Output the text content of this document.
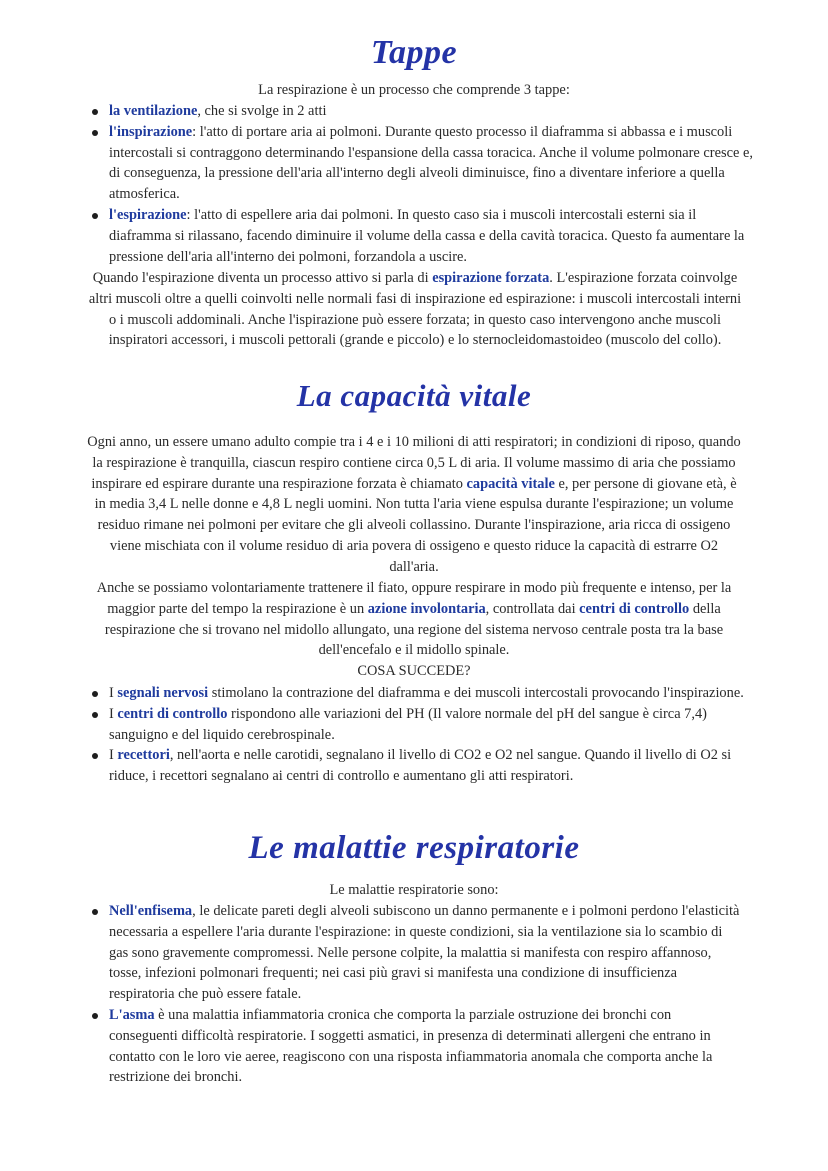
Tappe

La respirazione è un processo che comprende 3 tappe:

la ventilazione, che si svolge in 2 atti
l'inspirazione: l'atto di portare aria ai polmoni. Durante questo processo il diaframma si abbassa e i muscoli intercostali si contraggono determinando l'espansione della cassa toracica. Anche il volume polmonare cresce e, di conseguenza, la pressione dell'aria all'interno degli alveoli diminuisce, fino a diventare inferiore a quella atmosferica.
l'espirazione: l'atto di espellere aria dai polmoni. In questo caso sia i muscoli intercostali esterni sia il diaframma si rilassano, facendo diminuire il volume della cassa e della cavità toracica. Questo fa aumentare la pressione dell'aria all'interno dei polmoni, forzandola a uscire.

Quando l'espirazione diventa un processo attivo si parla di espirazione forzata. L'espirazione forzata coinvolge altri muscoli oltre a quelli coinvolti nelle normali fasi di inspirazione ed espirazione: i muscoli intercostali interni o i muscoli addominali. Anche l'ispirazione può essere forzata; in questo caso intervengono anche muscoli inspiratori accessori, i muscoli pettorali (grande e piccolo) e lo sternocleidomastoideo (muscolo del collo).

La capacità vitale

Ogni anno, un essere umano adulto compie tra i 4 e i 10 milioni di atti respiratori; in condizioni di riposo, quando la respirazione è tranquilla, ciascun respiro contiene circa 0,5 L di aria. Il volume massimo di aria che possiamo inspirare ed espirare durante una respirazione forzata è chiamato capacità vitale e, per persone di giovane età, è in media 3,4 L nelle donne e 4,8 L negli uomini. Non tutta l'aria viene espulsa durante l'espirazione; un volume residuo rimane nei polmoni per evitare che gli alveoli collassino. Durante l'inspirazione, aria ricca di ossigeno viene mischiata con il volume residuo di aria povera di ossigeno e questo riduce la capacità di estrarre O2 dall'aria.

Anche se possiamo volontariamente trattenere il fiato, oppure respirare in modo più frequente e intenso, per la maggior parte del tempo la respirazione è un azione involontaria, controllata dai centri di controllo della respirazione che si trovano nel midollo allungato, una regione del sistema nervoso centrale posta tra la base dell'encefalo e il midollo spinale.

COSA SUCCEDE?

I segnali nervosi stimolano la contrazione del diaframma e dei muscoli intercostali provocando l'inspirazione.
I centri di controllo rispondono alle variazioni del PH (Il valore normale del pH del sangue è circa 7,4) sanguigno e del liquido cerebrospinale.
I recettori, nell'aorta e nelle carotidi, segnalano il livello di CO2 e O2 nel sangue. Quando il livello di O2 si riduce, i recettori segnalano ai centri di controllo e aumentano gli atti respiratori.
Le malattie respiratorie

Le malattie respiratorie sono:

Nell'enfisema, le delicate pareti degli alveoli subiscono un danno permanente e i polmoni perdono l'elasticità necessaria a espellere l'aria durante l'espirazione: in queste condizioni, sia la ventilazione sia lo scambio di gas sono gravemente compromessi. Nelle persone colpite, la malattia si manifesta con respiro affannoso, tosse, infezioni polmonari frequenti; nei casi più gravi si manifesta una condizione di insufficienza respiratoria che può essere fatale.
L'asma è una malattia infiammatoria cronica che comporta la parziale ostruzione dei bronchi con conseguenti difficoltà respiratorie. I soggetti asmatici, in presenza di determinati allergeni che entrano in contatto con le loro vie aeree, reagiscono con una risposta infiammatoria anomala che comporta anche la restrizione dei bronchi.
